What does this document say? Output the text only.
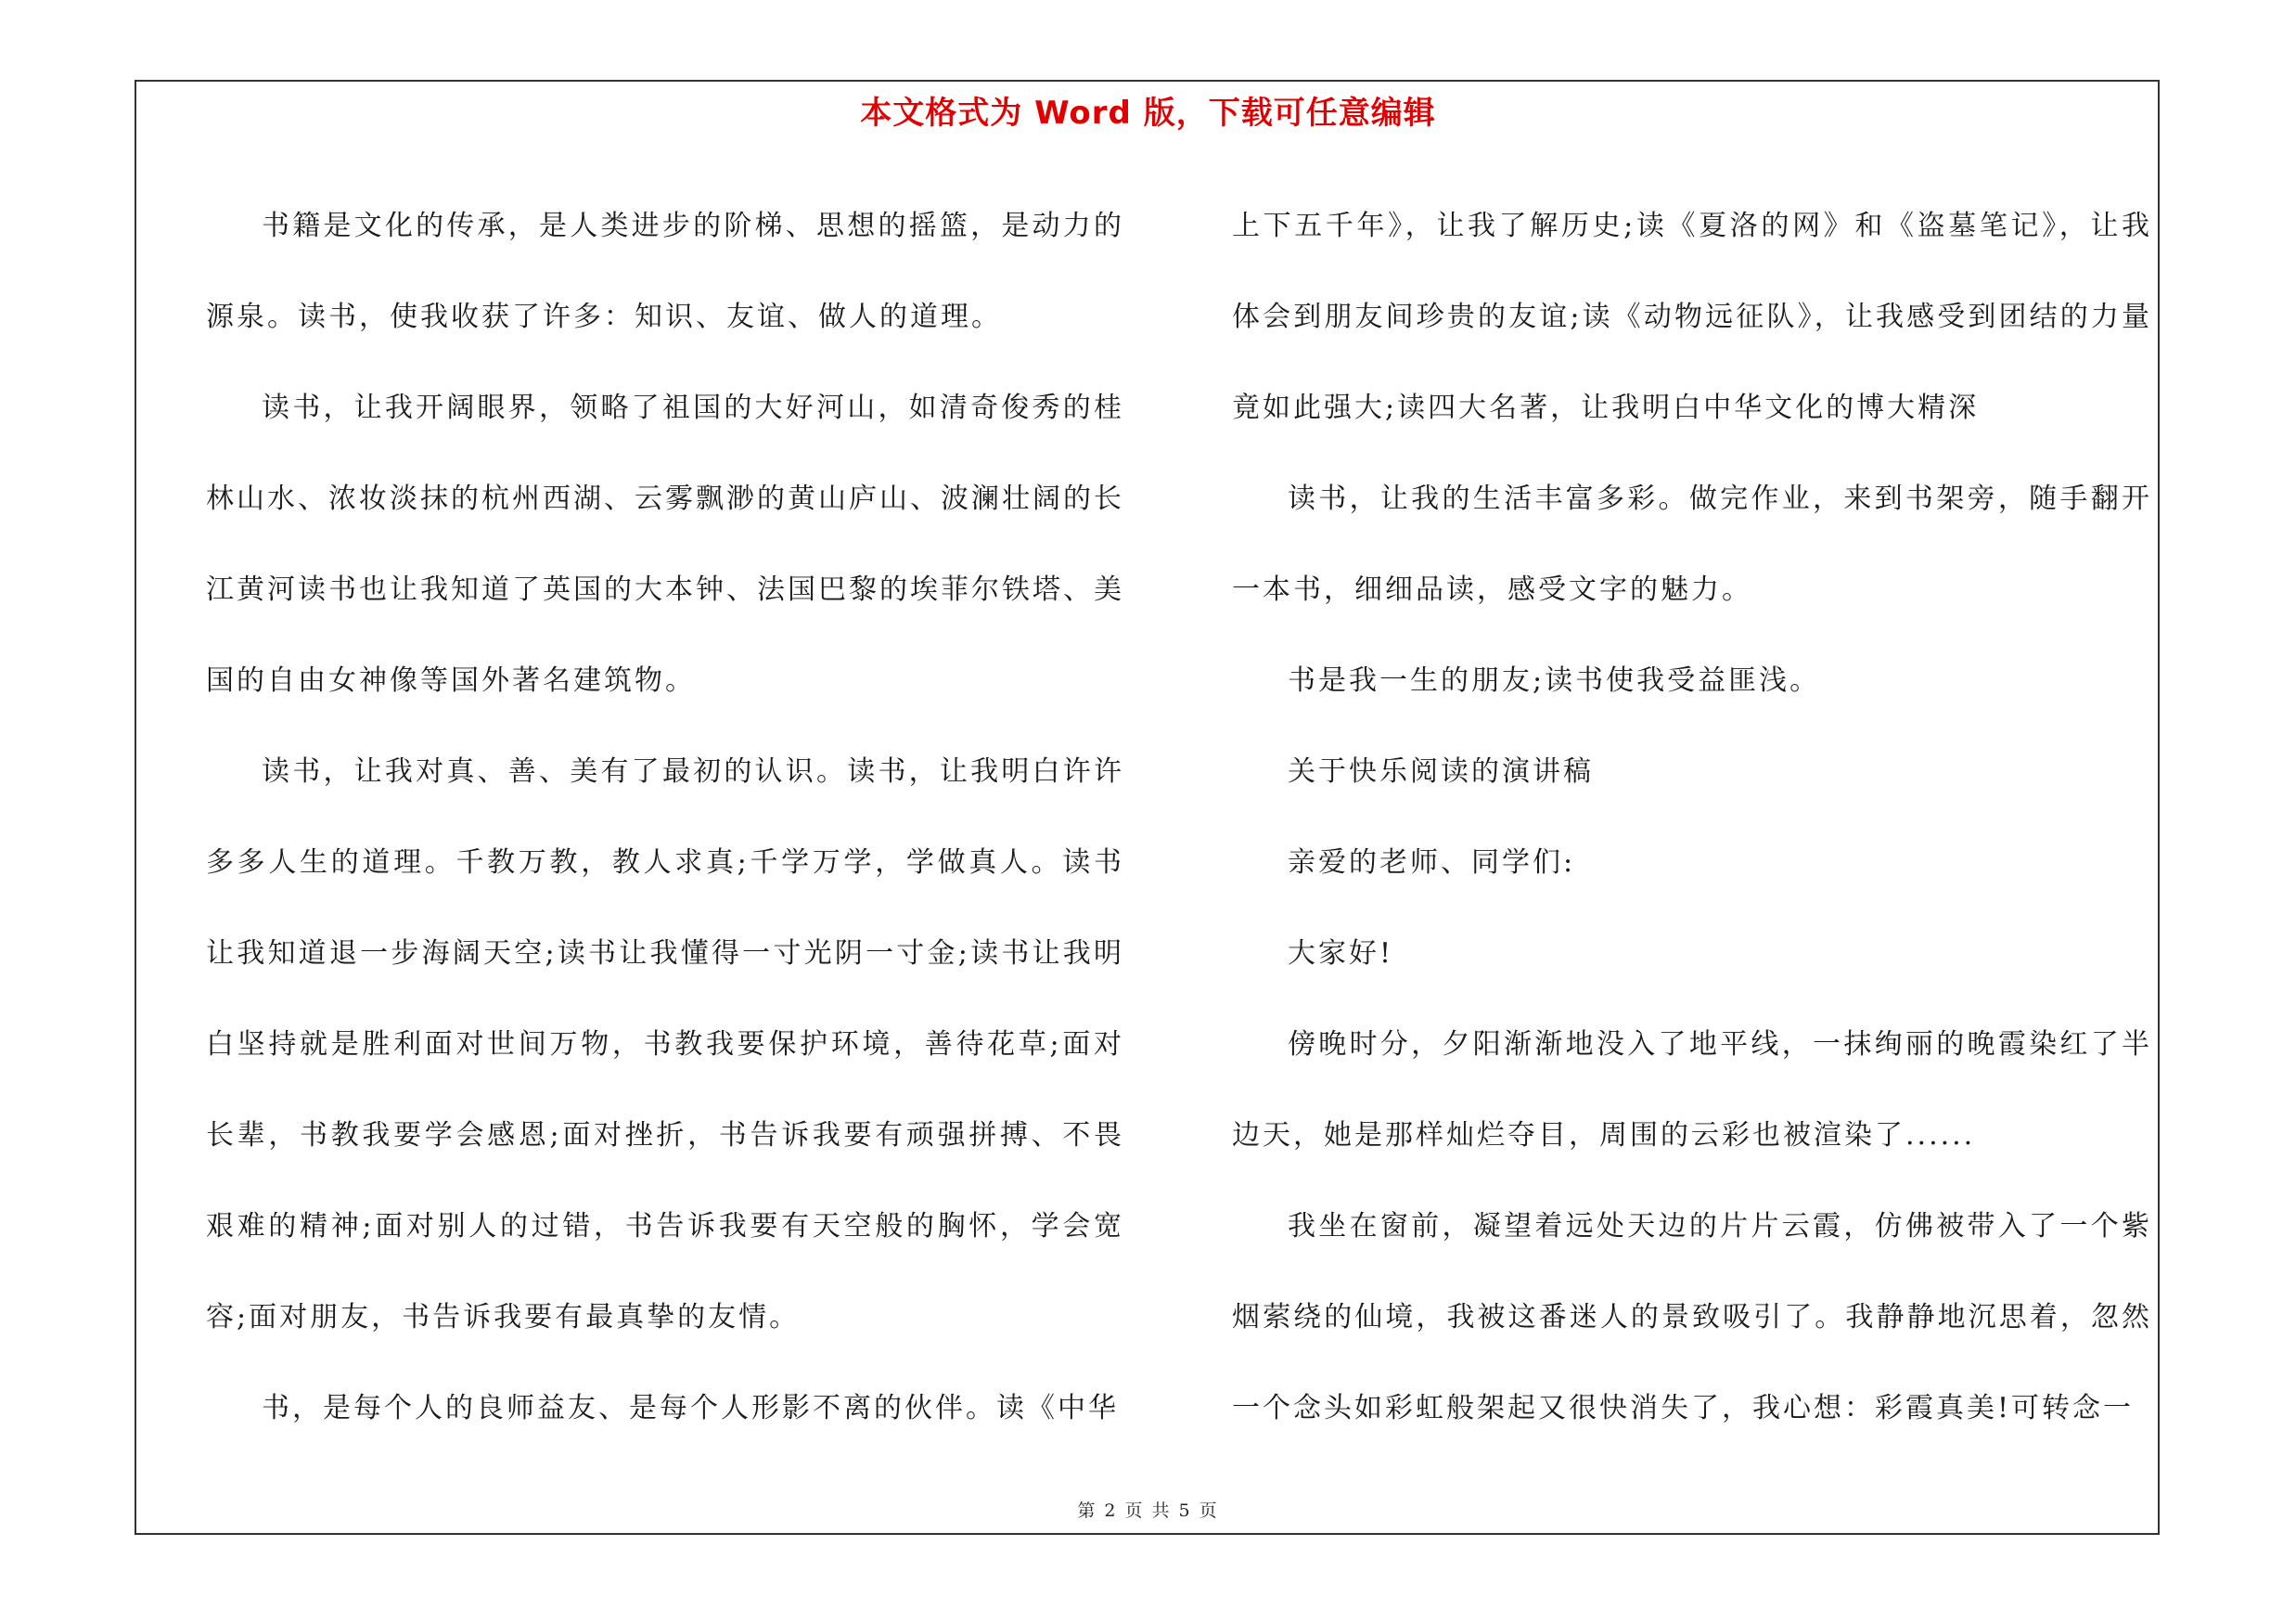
本文格式为 Word 版，下载可任意编辑

书籍是文化的传承，是人类进步的阶梯、思想的摇篮，是动力的源泉。读书，使我收获了许多：知识、友谊、做人的道理。

读书，让我开阔眼界，领略了祖国的大好河山，如清奇俊秀的桂林山水、浓妆淡抹的杭州西湖、云雾飘渺的黄山庐山、波澜壮阔的长江黄河读书也让我知道了英国的大本钟、法国巴黎的埃菲尔铁塔、美国的自由女神像等国外著名建筑物。

读书，让我对真、善、美有了最初的认识。读书，让我明白许许多多人生的道理。千教万教，教人求真;千学万学，学做真人。读书让我知道退一步海阔天空;读书让我懂得一寸光阴一寸金;读书让我明白坚持就是胜利面对世间万物，书教我要保护环境，善待花草;面对长辈，书教我要学会感恩;面对挫折，书告诉我要有顽强拼搏、不畏艰难的精神;面对别人的过错，书告诉我要有天空般的胸怀，学会宽容;面对朋友，书告诉我要有最真挚的友情。

书，是每个人的良师益友、是每个人形影不离的伙伴。读《中华

上下五千年》，让我了解历史;读《夏洛的网》和《盗墓笔记》，让我体会到朋友间珍贵的友谊;读《动物远征队》，让我感受到团结的力量竟如此强大;读四大名著，让我明白中华文化的博大精深

读书，让我的生活丰富多彩。做完作业，来到书架旁，随手翻开一本书，细细品读，感受文字的魅力。

书是我一生的朋友;读书使我受益匪浅。

关于快乐阅读的演讲稿

亲爱的老师、同学们:

大家好!

傍晚时分，夕阳渐渐地没入了地平线，一抹绚丽的晚霞染红了半边天，她是那样灿烂夺目，周围的云彩也被渲染了......

我坐在窗前，凝望着远处天边的片片云霞，仿佛被带入了一个紫烟萦绕的仙境，我被这番迷人的景致吸引了。我静静地沉思着，忽然一个念头如彩虹般架起又很快消失了，我心想：彩霞真美!可转念一

第 2 页 共 5 页
